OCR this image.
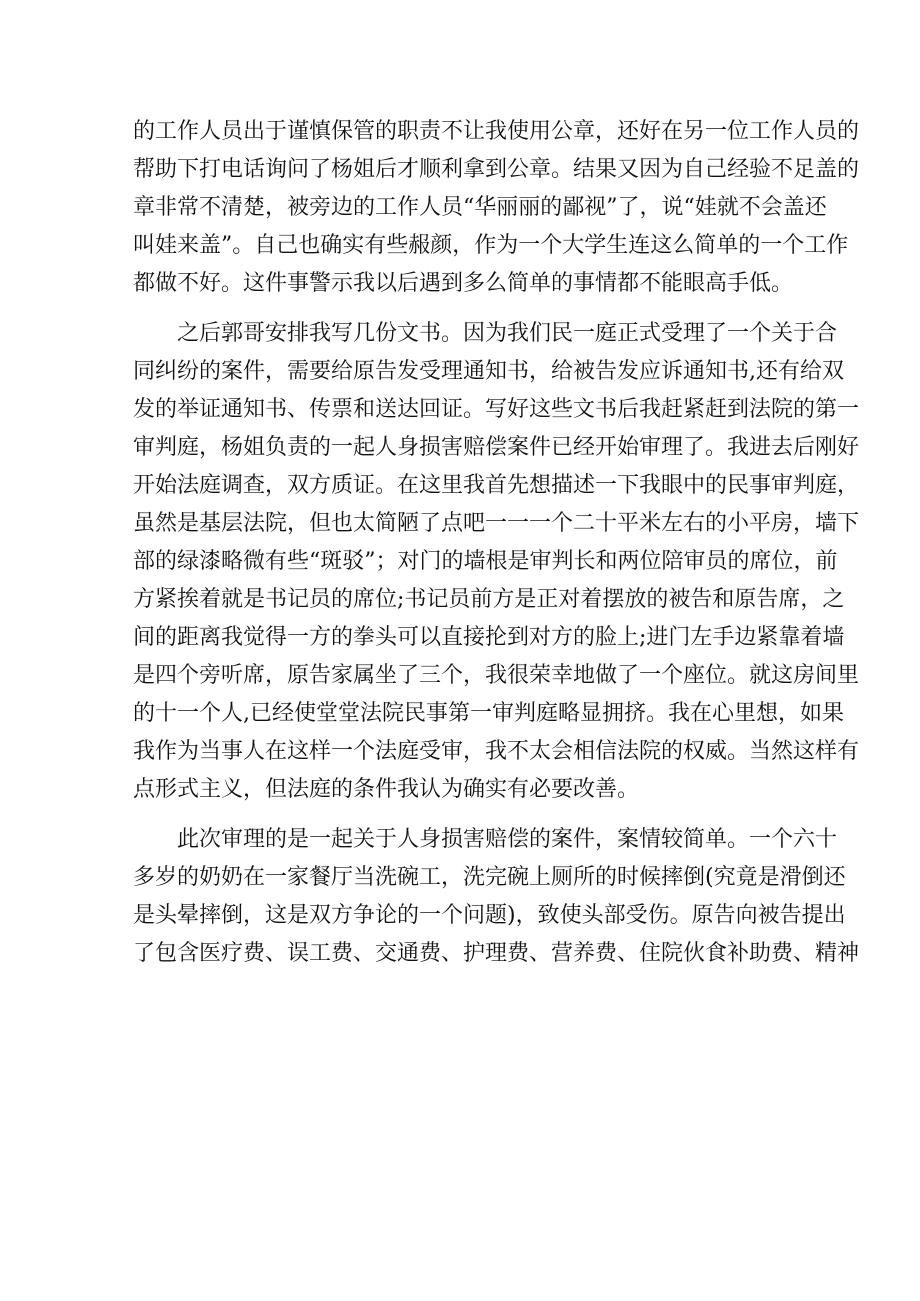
的工作人员出于谨慎保管的职责不让我使用公章，还好在另一位工作人员的
帮助下打电话询问了杨姐后才顺利拿到公章。结果又因为自己经验不足盖的
章非常不清楚，被旁边的工作人员“华丽丽的鄙视”了，说“娃就不会盖还
叫娃来盖”。自己也确实有些赧颜，作为一个大学生连这么简单的一个工作
都做不好。这件事警示我以后遇到多么简单的事情都不能眼高手低。
之后郭哥安排我写几份文书。因为我们民一庭正式受理了一个关于合
同纠纷的案件，需要给原告发受理通知书，给被告发应诉通知书,还有给双
发的举证通知书、传票和送达回证。写好这些文书后我赶紧赶到法院的第一
审判庭，杨姐负责的一起人身损害赔偿案件已经开始审理了。我进去后刚好
开始法庭调查，双方质证。在这里我首先想描述一下我眼中的民事审判庭，
虽然是基层法院，但也太简陋了点吧一一一个二十平米左右的小平房，墙下
部的绿漆略微有些“斑驳”；对门的墙根是审判长和两位陪审员的席位，前
方紧挨着就是书记员的席位;书记员前方是正对着摆放的被告和原告席，之
间的距离我觉得一方的拳头可以直接抡到对方的脸上;进门左手边紧靠着墙
是四个旁听席，原告家属坐了三个，我很荣幸地做了一个座位。就这房间里
的十一个人,已经使堂堂法院民事第一审判庭略显拥挤。我在心里想，如果
我作为当事人在这样一个法庭受审，我不太会相信法院的权威。当然这样有
点形式主义，但法庭的条件我认为确实有必要改善。
此次审理的是一起关于人身损害赔偿的案件，案情较简单。一个六十
多岁的奶奶在一家餐厅当洗碗工，洗完碗上厕所的时候摔倒(究竟是滑倒还
是头晕摔倒，这是双方争论的一个问题)，致使头部受伤。原告向被告提出
了包含医疗费、误工费、交通费、护理费、营养费、住院伙食补助费、精神
